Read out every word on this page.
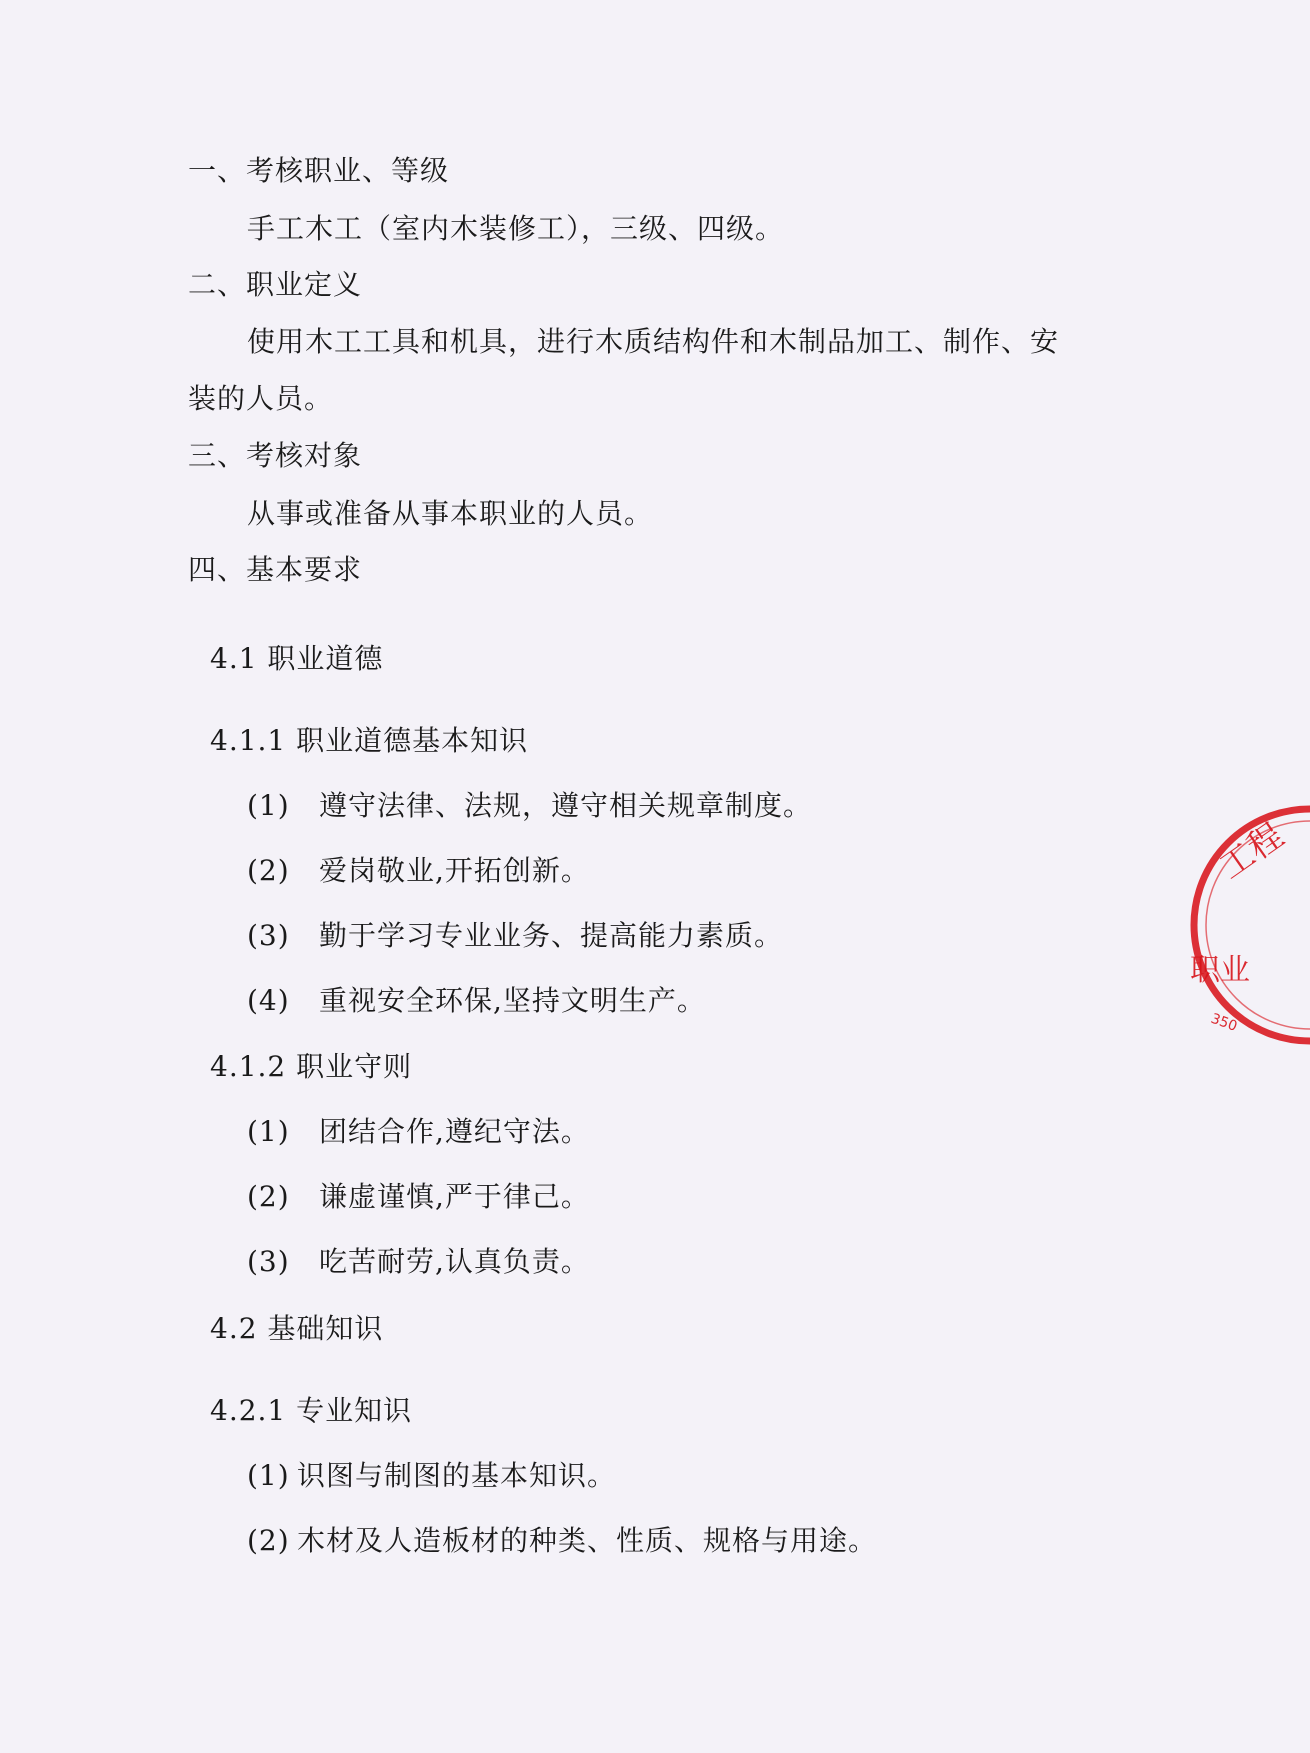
一、考核职业、等级
手工木工（室内木装修工），三级、四级。
二、职业定义
使用木工工具和机具，进行木质结构件和木制品加工、制作、安
装的人员。
三、考核对象
从事或准备从事本职业的人员。
四、基本要求
4.1 职业道德
4.1.1 职业道德基本知识
(1) 遵守法律、法规，遵守相关规章制度。
(2) 爱岗敬业,开拓创新。
(3) 勤于学习专业业务、提高能力素质。
(4) 重视安全环保,坚持文明生产。
4.1.2 职业守则
(1) 团结合作,遵纪守法。
(2) 谦虚谨慎,严于律己。
(3) 吃苦耐劳,认真负责。
4.2 基础知识
4.2.1 专业知识
(1) 识图与制图的基本知识。
(2) 木材及人造板材的种类、性质、规格与用途。
工程
职业
350
